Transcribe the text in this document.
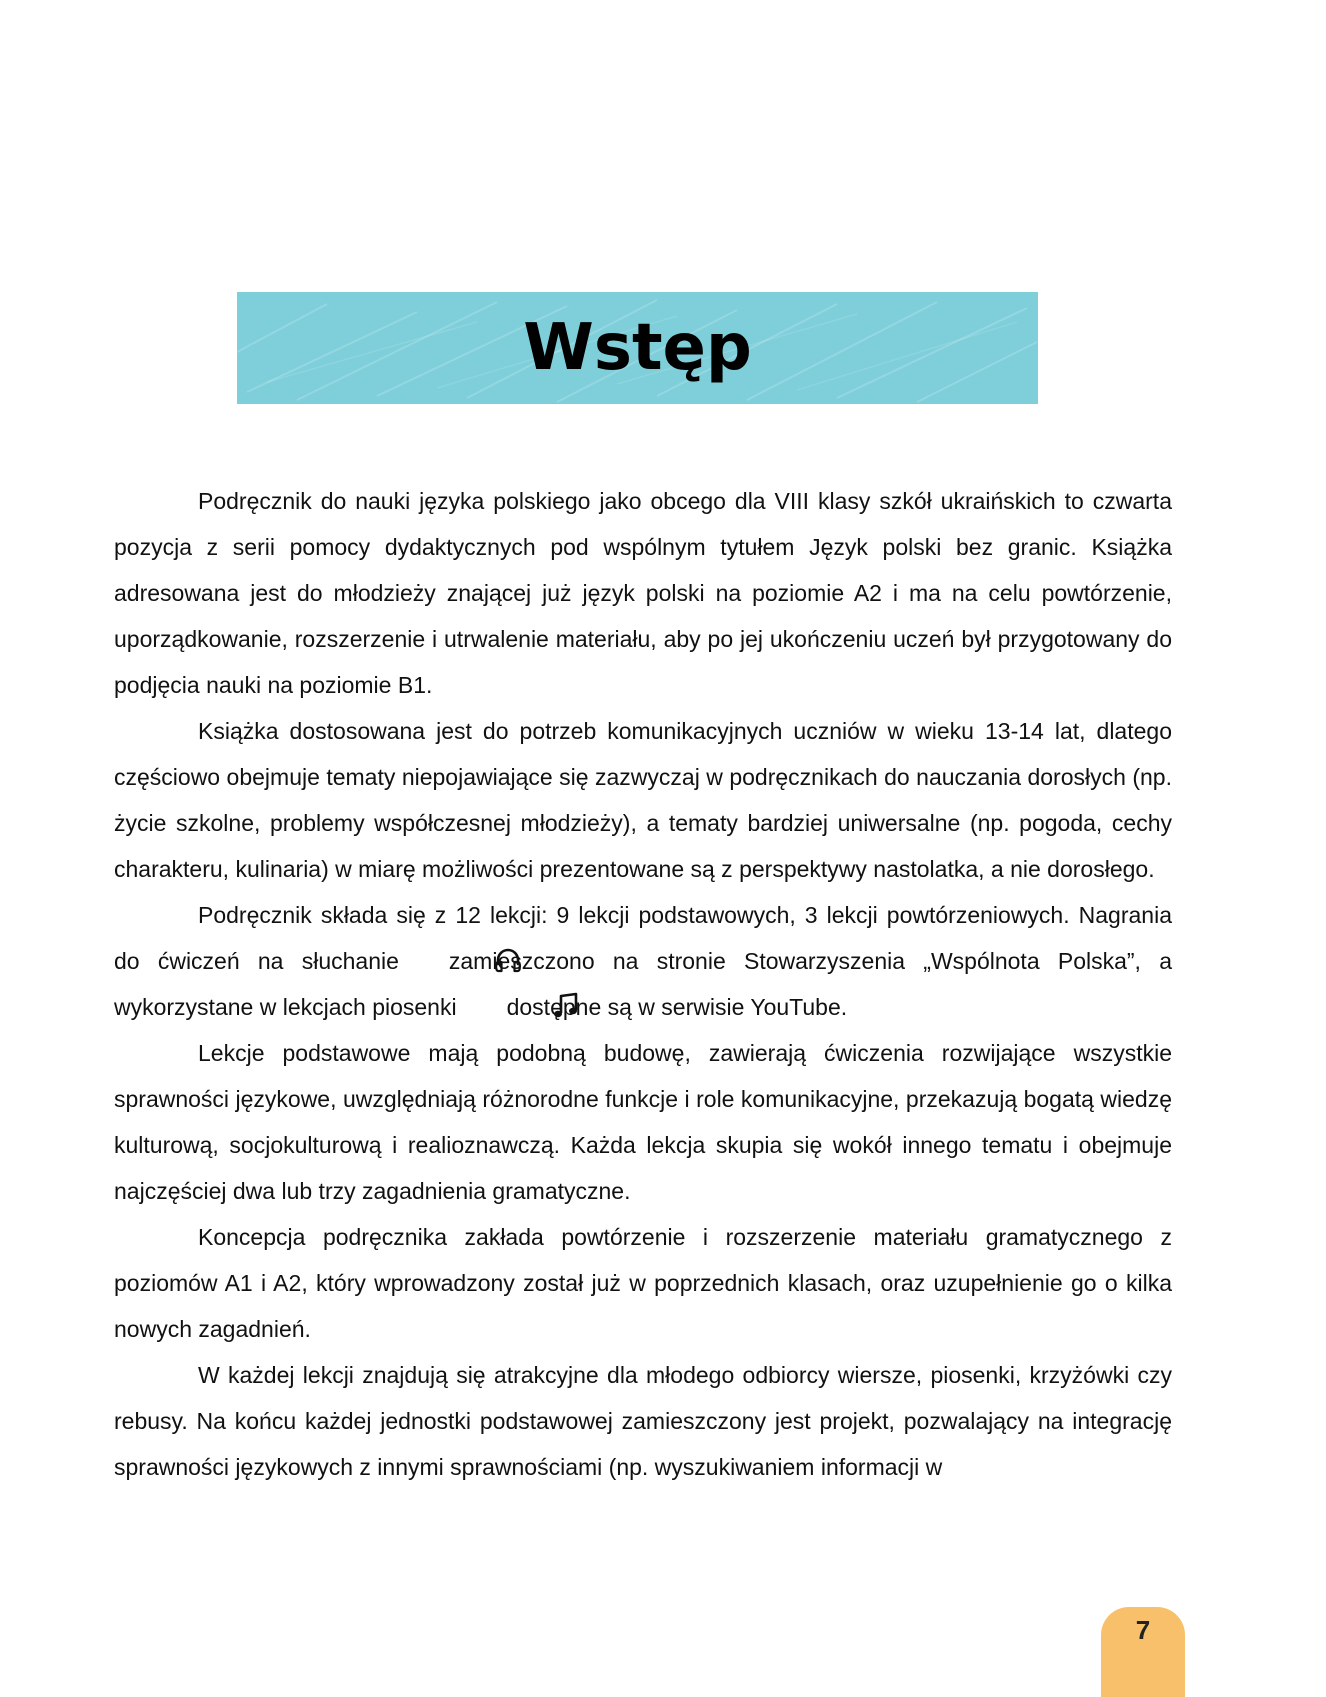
Wstęp

Podręcznik do nauki języka polskiego jako obcego dla VIII klasy szkół ukraińskich to czwarta pozycja z serii pomocy dydaktycznych pod wspólnym tytułem Język polski bez granic. Książka adresowana jest do młodzieży znającej już język polski na poziomie A2 i ma na celu powtórzenie, uporządkowanie, rozszerzenie i utrwalenie materiału, aby po jej ukończeniu uczeń był przygotowany do podjęcia nauki na poziomie B1.

Książka dostosowana jest do potrzeb komunikacyjnych uczniów w wieku 13-14 lat, dlatego częściowo obejmuje tematy niepojawiające się zazwyczaj w podręcznikach do nauczania dorosłych (np. życie szkolne, problemy współczesnej młodzieży), a tematy bardziej uniwersalne (np. pogoda, cechy charakteru, kulinaria) w miarę możliwości prezentowane są z perspektywy nastolatka, a nie dorosłego.

Podręcznik składa się z 12 lekcji: 9 lekcji podstawowych, 3 lekcji powtórzeniowych. Nagrania do ćwiczeń na słuchanie zamieszczono na stronie Stowarzyszenia „Wspólnota Polska”, a wykorzystane w lekcjach piosenki dostępne są w serwisie YouTube.

Lekcje podstawowe mają podobną budowę, zawierają ćwiczenia rozwijające wszystkie sprawności językowe, uwzględniają różnorodne funkcje i role komunikacyjne, przekazują bogatą wiedzę kulturową, socjokulturową i realioznawczą. Każda lekcja skupia się wokół innego tematu i obejmuje najczęściej dwa lub trzy zagadnienia gramatyczne.

Koncepcja podręcznika zakłada powtórzenie i rozszerzenie materiału gramatycznego z poziomów A1 i A2, który wprowadzony został już w poprzednich klasach, oraz uzupełnienie go o kilka nowych zagadnień.

W każdej lekcji znajdują się atrakcyjne dla młodego odbiorcy wiersze, piosenki, krzyżówki czy rebusy. Na końcu każdej jednostki podstawowej zamieszczony jest projekt, pozwalający na integrację sprawności językowych z innymi sprawnościami (np. wyszukiwaniem informacji w

7
